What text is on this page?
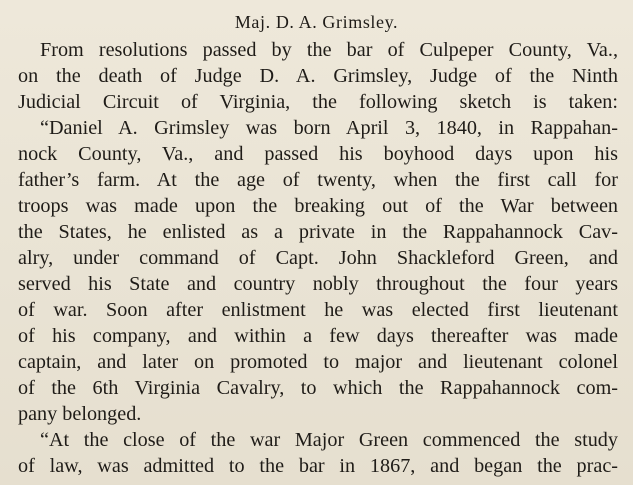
Maj. D. A. Grimsley.
From resolutions passed by the bar of Culpeper County, Va.,
on the death of Judge D. A. Grimsley, Judge of the Ninth
Judicial Circuit of Virginia, the following sketch is taken:
“Daniel A. Grimsley was born April 3, 1840, in Rappahan-
nock County, Va., and passed his boyhood days upon his
father’s farm. At the age of twenty, when the first call for
troops was made upon the breaking out of the War between
the States, he enlisted as a private in the Rappahannock Cav-
alry, under command of Capt. John Shackleford Green, and
served his State and country nobly throughout the four years
of war. Soon after enlistment he was elected first lieutenant
of his company, and within a few days thereafter was made
captain, and later on promoted to major and lieutenant colonel
of the 6th Virginia Cavalry, to which the Rappahannock com-
pany belonged.
“At the close of the war Major Green commenced the study
of law, was admitted to the bar in 1867, and began the prac-
